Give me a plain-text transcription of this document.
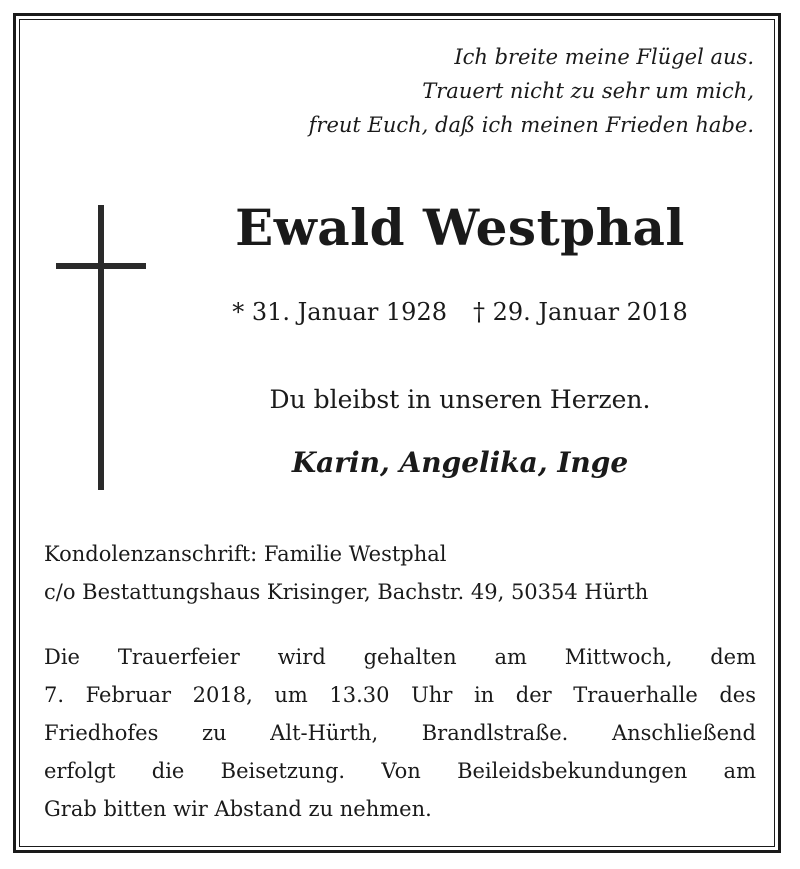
Ich breite meine Flügel aus.
Trauert nicht zu sehr um mich,
freut Euch, daß ich meinen Frieden habe.
Ewald Westphal
* 31. Januar 1928 † 29. Januar 2018
Du bleibst in unseren Herzen.
Karin, Angelika, Inge
Kondolenzanschrift: Familie Westphal
c/o Bestattungshaus Krisinger, Bachstr. 49, 50354 Hürth
Die Trauerfeier wird gehalten am Mittwoch, dem
7. Februar 2018, um 13.30 Uhr in der Trauerhalle des
Friedhofes zu Alt-Hürth, Brandlstraße. Anschließend
erfolgt die Beisetzung. Von Beileidsbekundungen am
Grab bitten wir Abstand zu nehmen.
